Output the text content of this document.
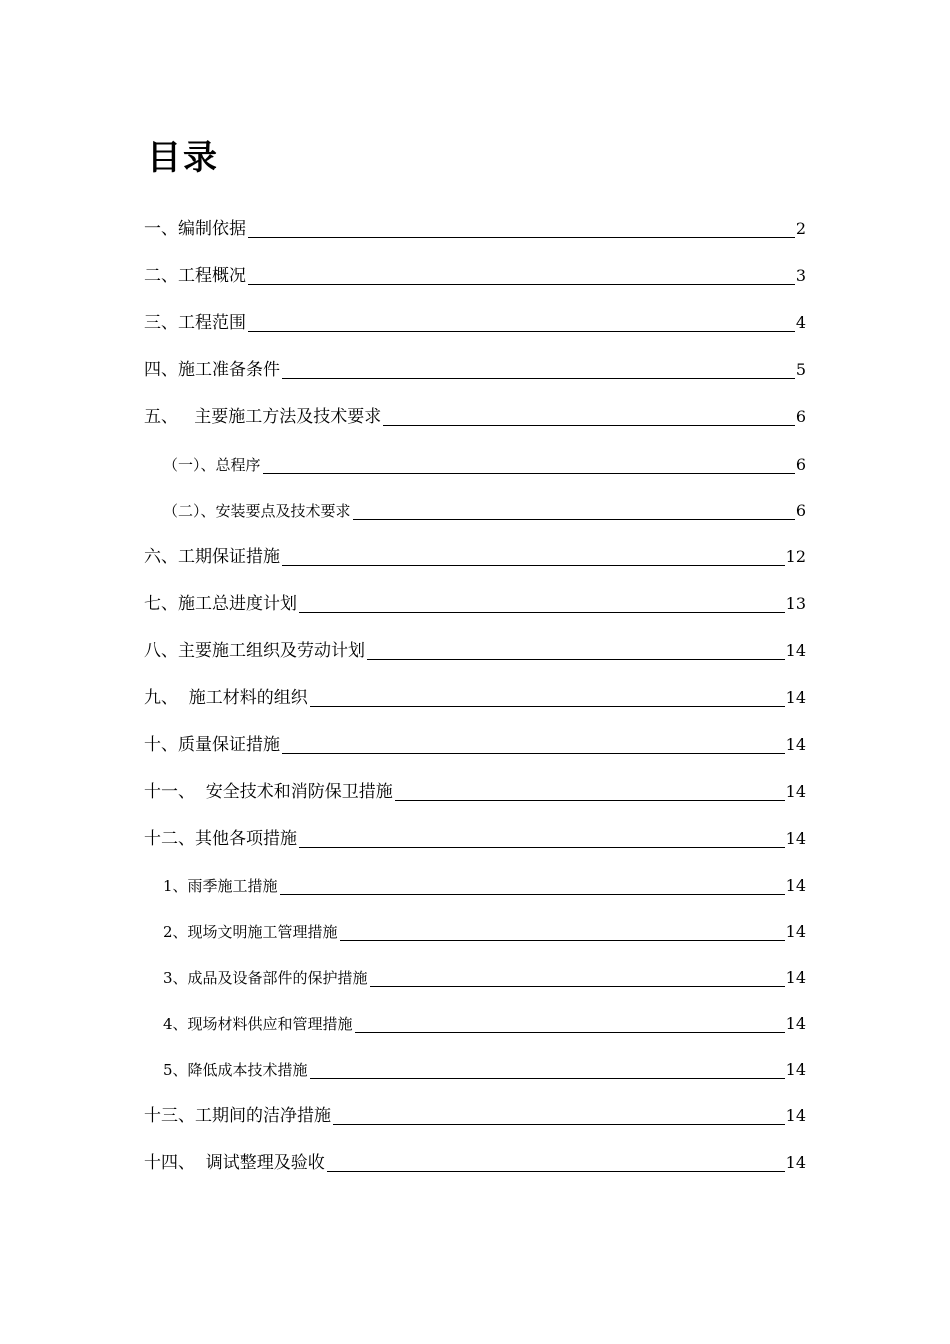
目录
一、编制依据	2
二、工程概况	3
三、工程范围	4
四、施工准备条件	5
五、   主要施工方法及技术要求	6
（一）、总程序	6
（二）、安装要点及技术要求	6
六、工期保证措施	12
七、施工总进度计划	13
八、主要施工组织及劳动计划	14
九、  施工材料的组织	14
十、质量保证措施	14
十一、  安全技术和消防保卫措施	14
十二、其他各项措施	14
1、雨季施工措施	14
2、现场文明施工管理措施	14
3、成品及设备部件的保护措施	14
4、现场材料供应和管理措施	14
5、降低成本技术措施	14
十三、工期间的洁净措施	14
十四、  调试整理及验收	14
